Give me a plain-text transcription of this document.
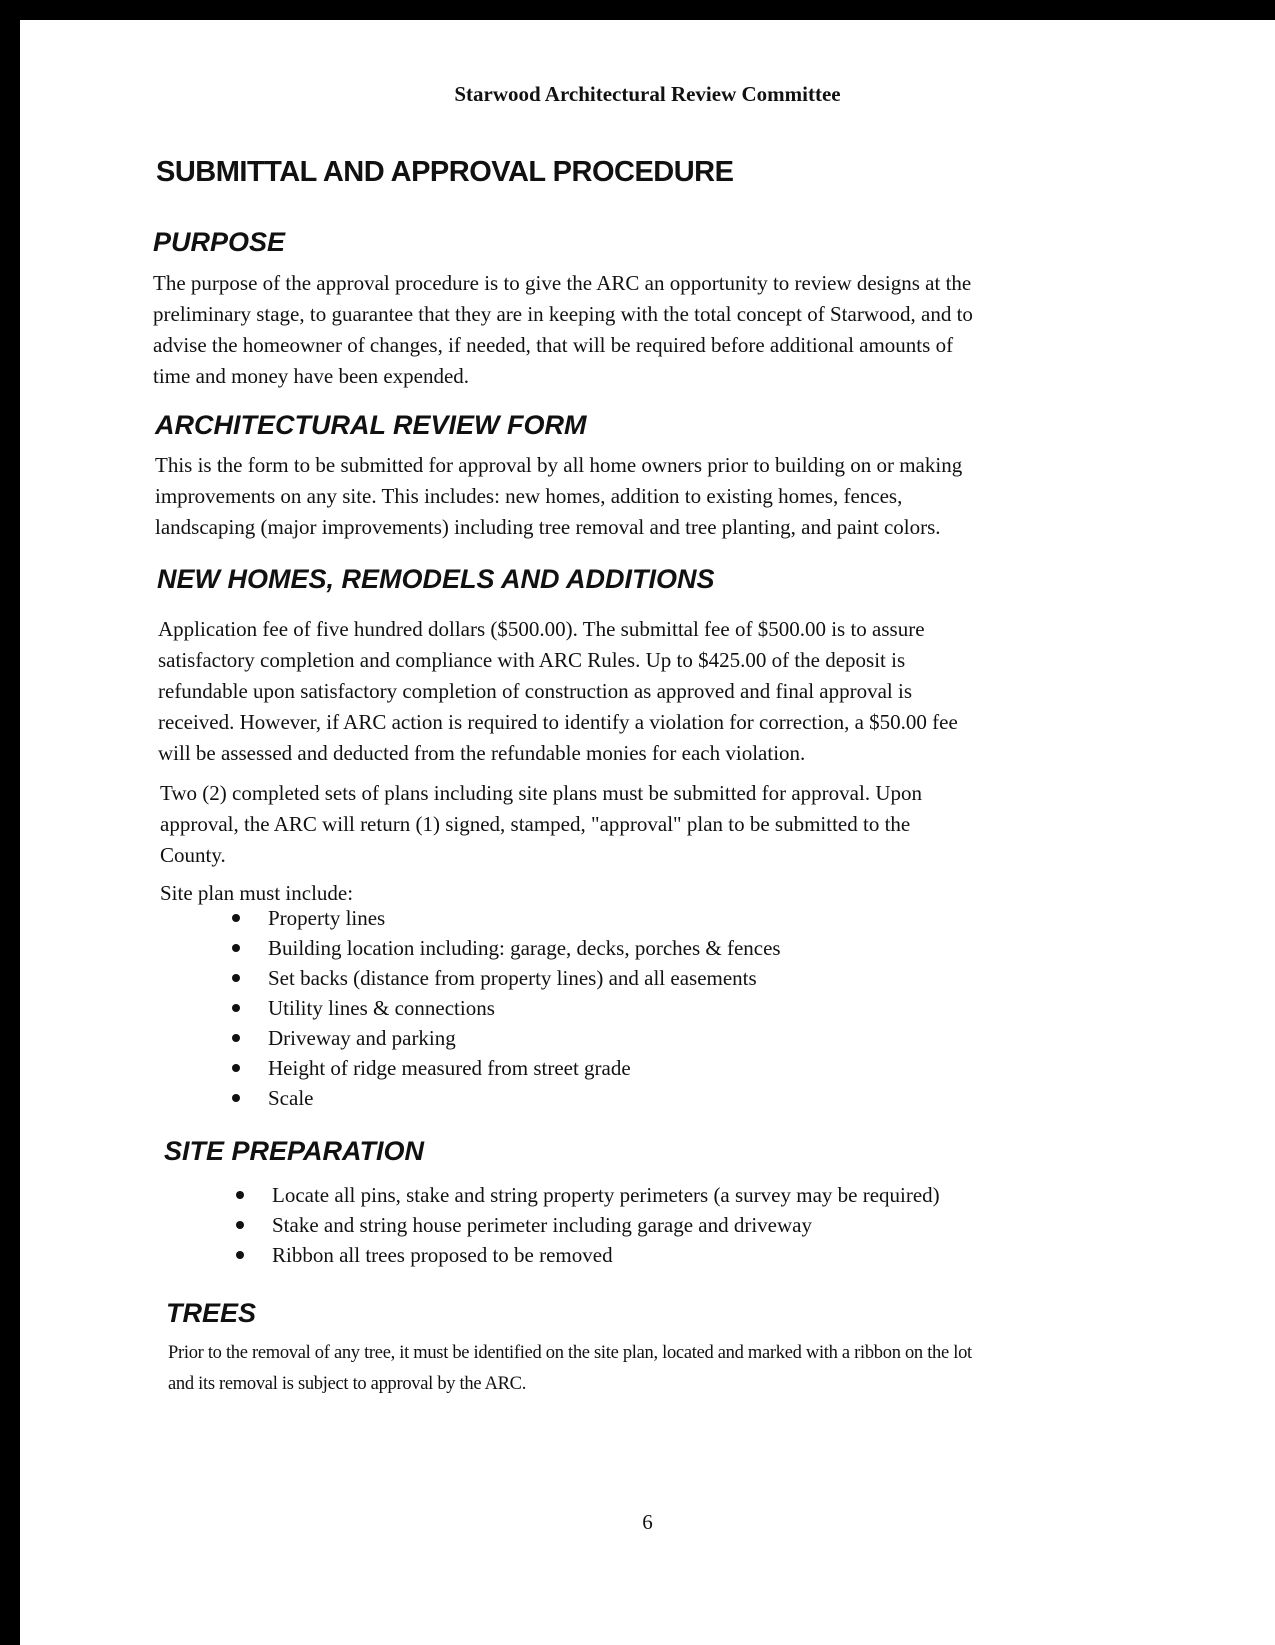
Starwood Architectural Review Committee
SUBMITTAL AND APPROVAL PROCEDURE
PURPOSE
The purpose of the approval procedure is to give the ARC an opportunity to review designs at the
preliminary stage, to guarantee that they are in keeping with the total concept of Starwood, and to
advise the homeowner of changes, if needed, that will be required before additional amounts of
time and money have been expended.
ARCHITECTURAL REVIEW FORM
This is the form to be submitted for approval by all home owners prior to building on or making
improvements on any site. This includes: new homes, addition to existing homes, fences,
landscaping (major improvements) including tree removal and tree planting, and paint colors.
NEW HOMES, REMODELS AND ADDITIONS
Application fee of five hundred dollars ($500.00). The submittal fee of $500.00 is to assure
satisfactory completion and compliance with ARC Rules. Up to $425.00 of the deposit is
refundable upon satisfactory completion of construction as approved and final approval is
received. However, if ARC action is required to identify a violation for correction, a $50.00 fee
will be assessed and deducted from the refundable monies for each violation.
Two (2) completed sets of plans including site plans must be submitted for approval. Upon
approval, the ARC will return (1) signed, stamped, "approval" plan to be submitted to the
County.
Site plan must include:
Property lines
Building location including: garage, decks, porches & fences
Set backs (distance from property lines) and all easements
Utility lines & connections
Driveway and parking
Height of ridge measured from street grade
Scale
SITE PREPARATION
Locate all pins, stake and string property perimeters (a survey may be required)
Stake and string house perimeter including garage and driveway
Ribbon all trees proposed to be removed
TREES
Prior to the removal of any tree, it must be identified on the site plan, located and marked with a ribbon on the lot
and its removal is subject to approval by the ARC.
6
